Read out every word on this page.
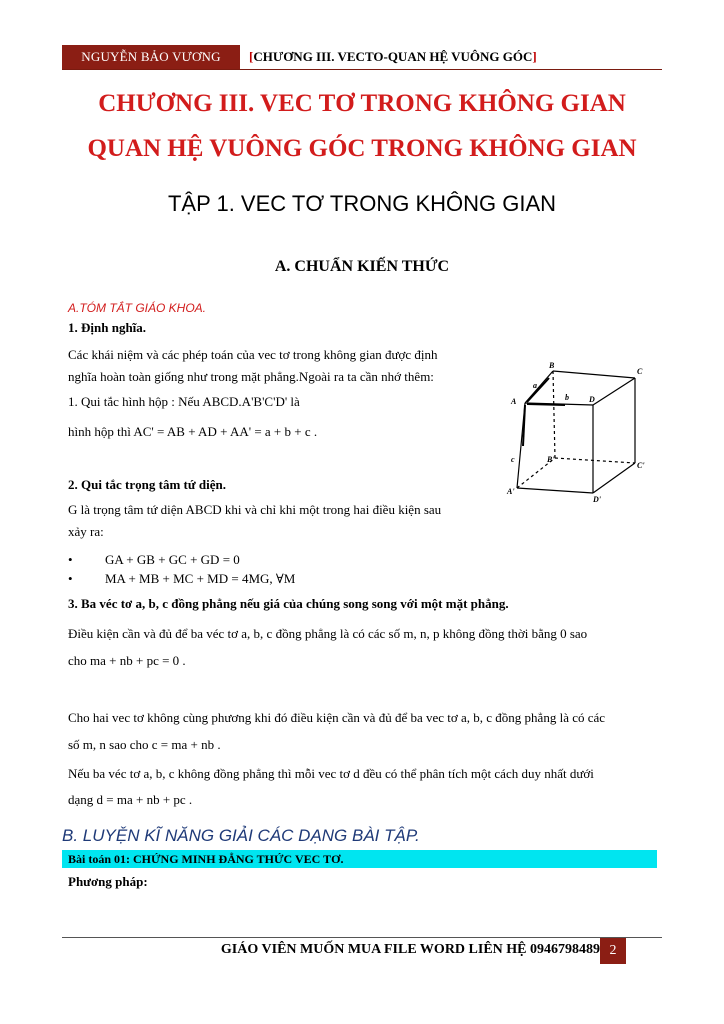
NGUYỄN BẢO VƯƠNG	[CHƯƠNG III. VECTO-QUAN HỆ VUÔNG GÓC]
CHƯƠNG III. VEC TƠ TRONG KHÔNG GIAN
QUAN HỆ VUÔNG GÓC TRONG KHÔNG GIAN
TẬP 1. VEC TƠ TRONG KHÔNG GIAN
A. CHUẨN KIẾN THỨC
A.TÓM TẮT GIÁO KHOA.
1. Định nghĩa.
Các khái niệm và các phép toán của vec tơ trong không gian được định
nghĩa hoàn toàn giống như trong mặt phẳng.Ngoài ra ta cần nhớ thêm:
1. Qui tắc hình hộp : Nếu ABCD.A'B'C'D' là
hình hộp thì AC' = AB + AD + AA' = a + b + c .
2. Qui tắc trọng tâm tứ diện.
G là trọng tâm tứ diện ABCD khi và chỉ khi một trong hai điều kiện sau
xảy ra:
• GA + GB + GC + GD = 0
• MA + MB + MC + MD = 4MG, ∀M
3. Ba véc tơ a, b, c đồng phẳng nếu giá của chúng song song với một mặt phẳng.
Điều kiện cần và đủ để ba véc tơ a, b, c đồng phẳng là có các số m, n, p không đồng thời bằng 0 sao
cho ma + nb + pc = 0 .
Cho hai vec tơ không cùng phương khi đó điều kiện cần và đủ để ba vec tơ a, b, c đồng phẳng là có các
số m, n sao cho c = ma + nb .
Nếu ba véc tơ a, b, c không đồng phẳng thì mỗi vec tơ d đều có thể phân tích một cách duy nhất dưới
dạng d = ma + nb + pc .
B. LUYỆN KĨ NĂNG GIẢI CÁC DẠNG BÀI TẬP.
Bài toán 01: CHỨNG MINH ĐẲNG THỨC VEC TƠ.
Phương pháp:
B
C
A	D
B'
C'
A'
D'
a
b
c
GIÁO VIÊN MUỐN MUA FILE WORD LIÊN HỆ 0946798489 2
